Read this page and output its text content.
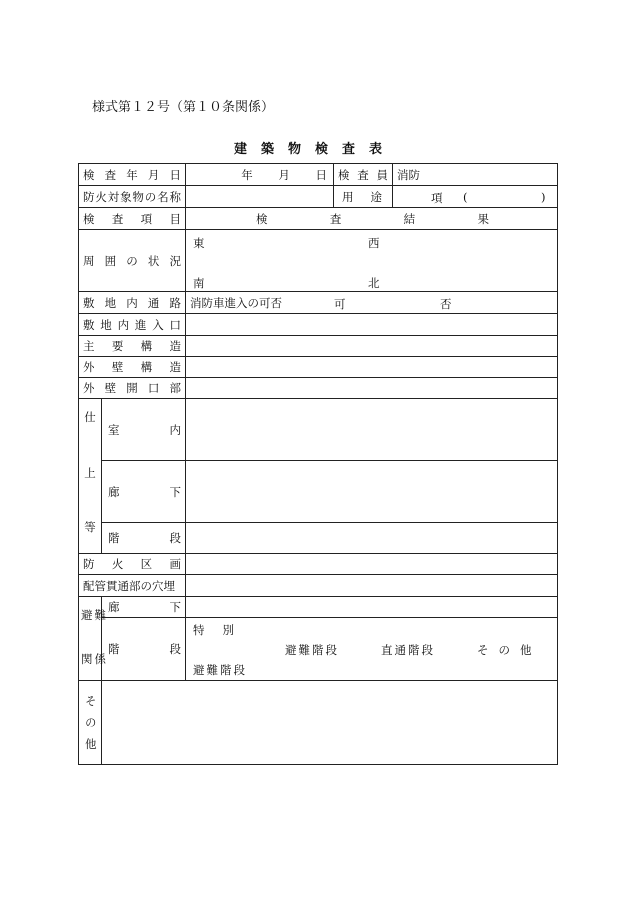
様式第１２号（第１０条関係）
建築物検査表
検査年月日		年 月 日	検査員	消防
防火対象物の名称			用途	項 ( )

検査項目		検査結果		
周囲の状況		東 西
南 北		

敷地内通路		消防車進入の可否 可 否		

敷地内進入口				
主要構造				
外壁構造				
外壁開口部				

仕
上
等	室内			
	廊下			
	階段			
防火区画				
配管貫通部の穴埋				

避難
関係	廊下			
	階段	特別
避難階段 直通階段 その他
避難階段		

その他				
